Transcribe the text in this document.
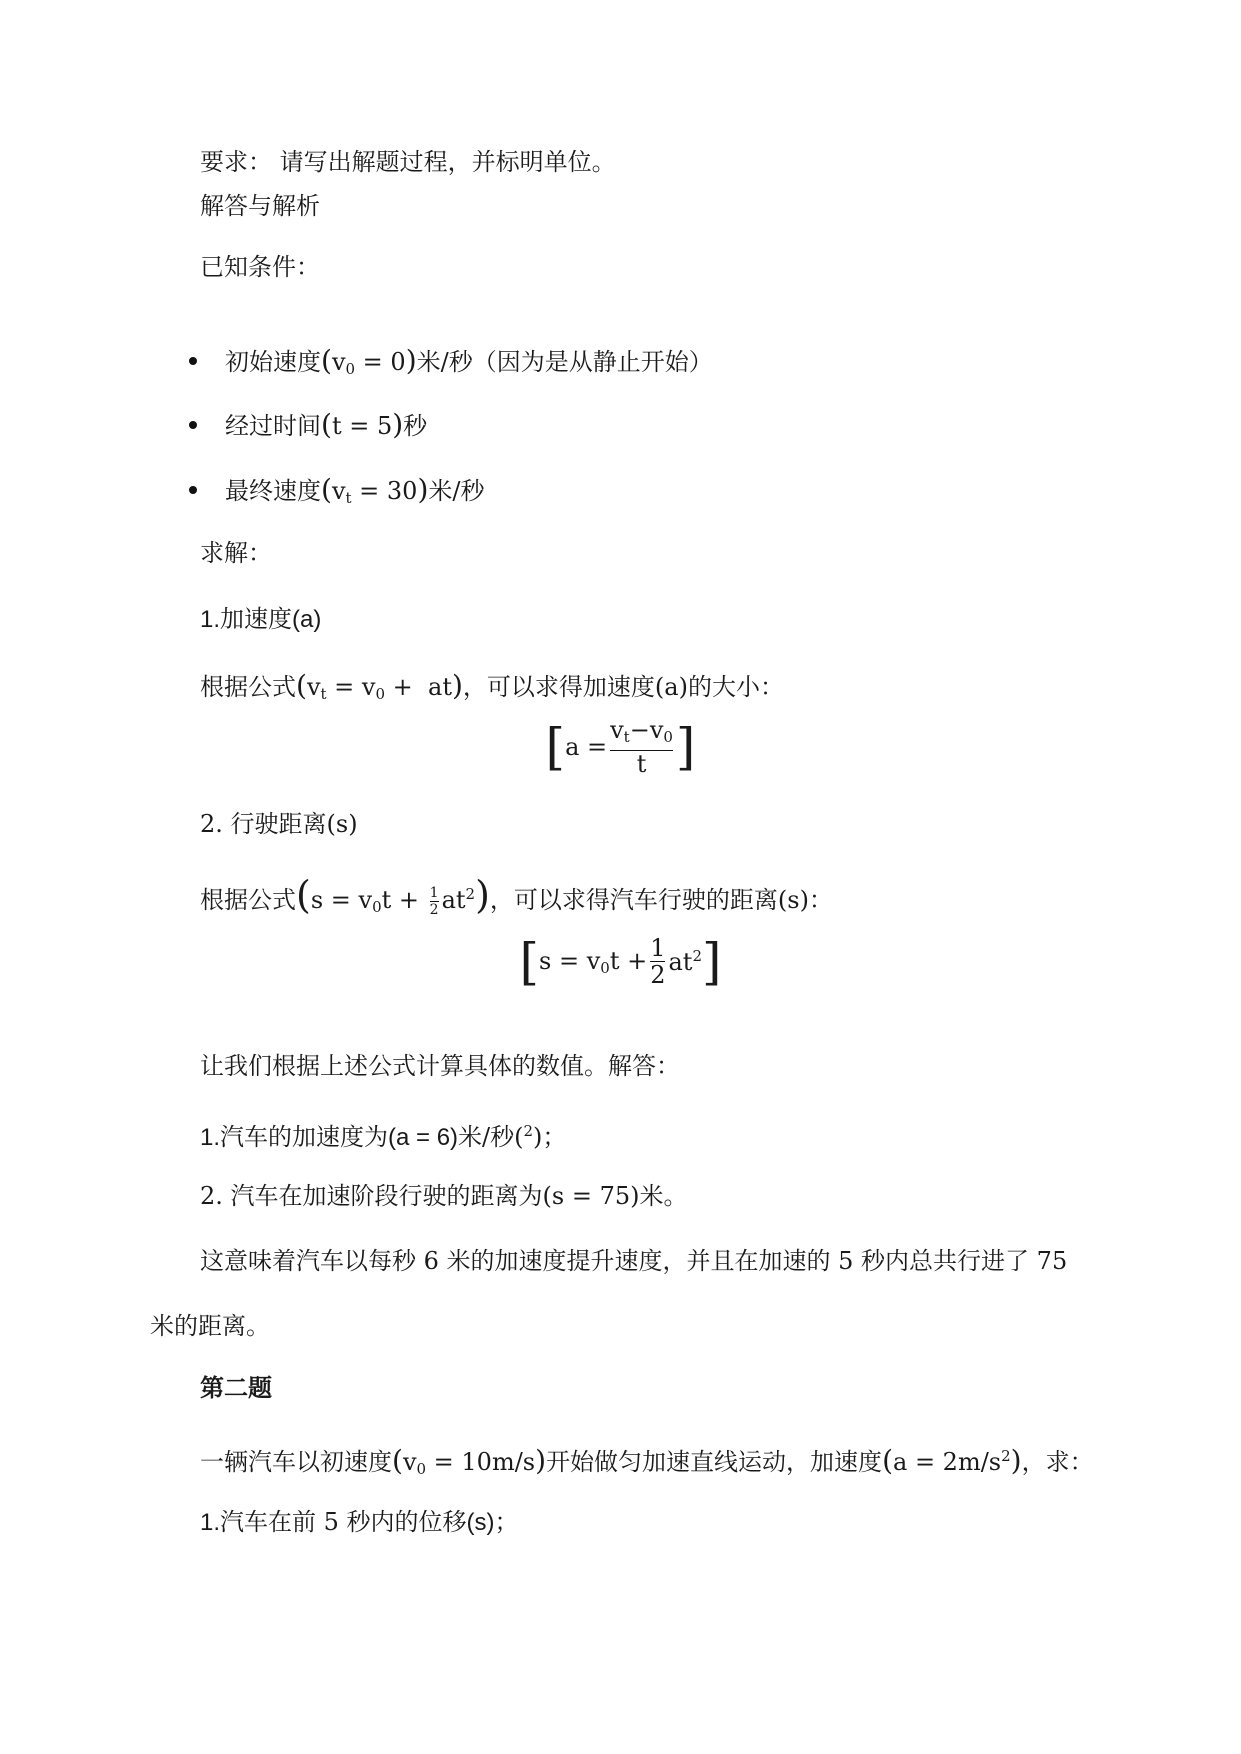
要求： 请写出解题过程，并标明单位。
解答与解析
已知条件：
初始速度$(v_0 = 0)$米/秒（因为是从静止开始）
经过时间(t = 5)秒
最终速度$(v_t = 30)$米/秒
求解：
1.加速度(a)
根据公式$(v_t = v_0 + at)$，可以求得加速度(a)的大小：
[ $a = \frac{v_t-v_0}{t}$ ]
2. 行驶距离(s)
根据公式$(s = v_0t + \frac{1}{2} at^2)$，可以求得汽车行驶的距离(s)：
[ $s = v_0t + \frac{1}{2} at^2$ ]
让我们根据上述公式计算具体的数值。解答：
1.汽车的加速度为(a = 6)米/秒($^2$)；
2. 汽车在加速阶段行驶的距离为(s = 75)米。
这意味着汽车以每秒 6 米的加速度提升速度，并且在加速的 5 秒内总共行进了 75
米的距离。
第二题
一辆汽车以初速度$(v_0 = 10m/s)$开始做匀加速直线运动，加速度$(a = 2m/s^2)$，求：
1.汽车在前 5 秒内的位移(s)；
